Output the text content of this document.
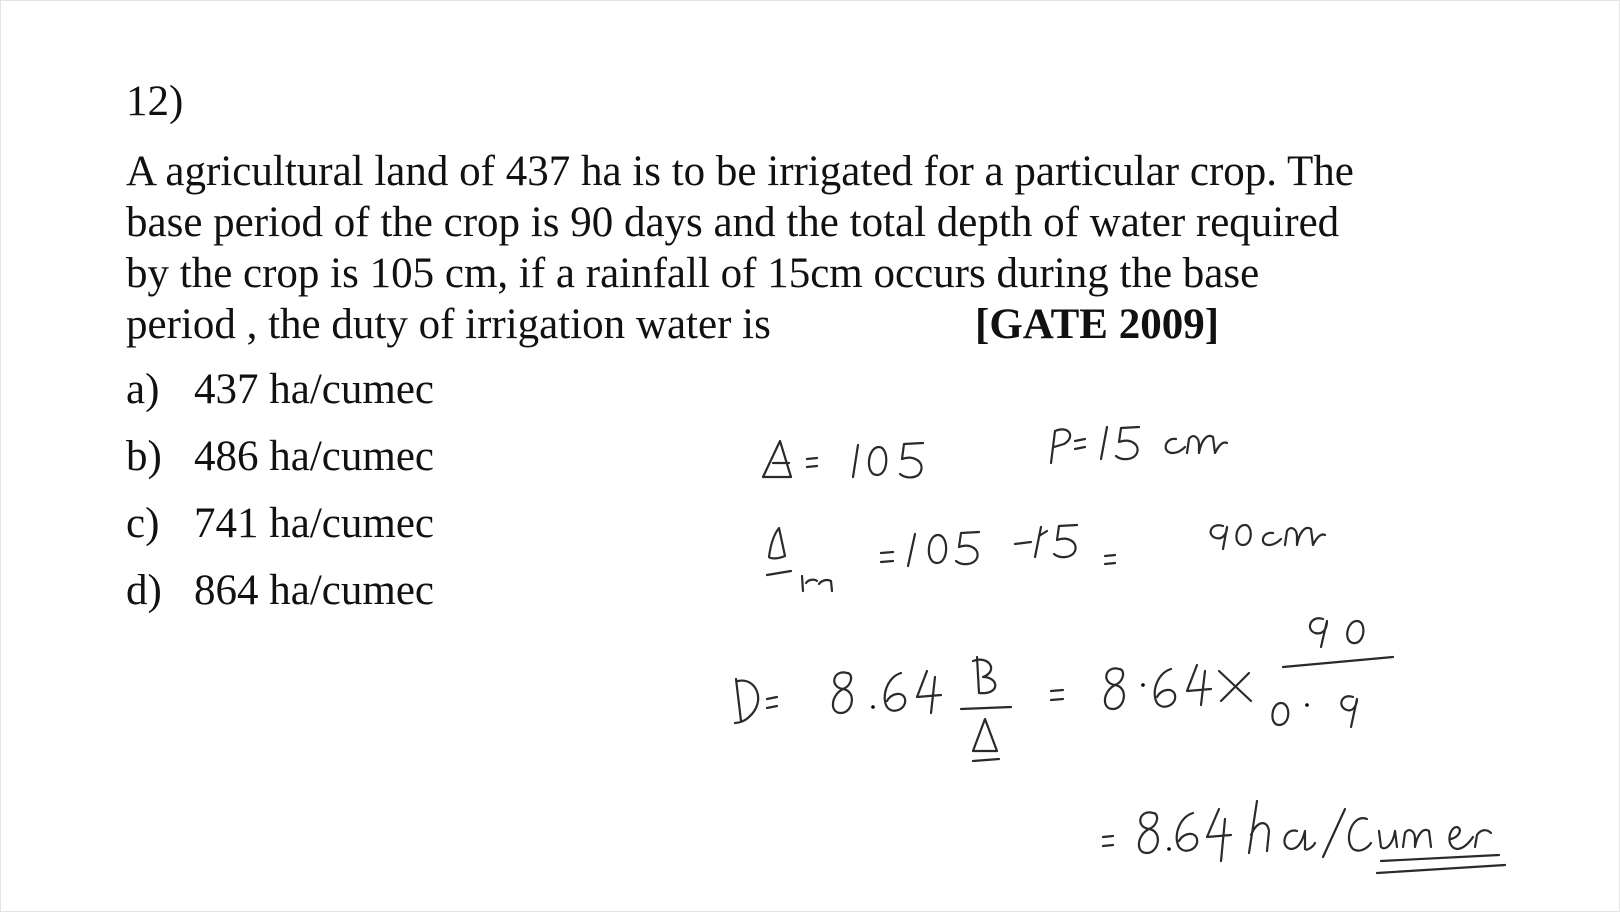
12)
A agricultural land of 437 ha is to be irrigated for a particular crop. The
base period of the crop is 90 days and the total depth of water required
by the crop is 105 cm, if a rainfall of 15cm occurs during the base
period , the duty of irrigation water is	[GATE 2009]
a) 437 ha/cumec
b) 486 ha/cumec
c) 741 ha/cumec
d) 864 ha/cumec
